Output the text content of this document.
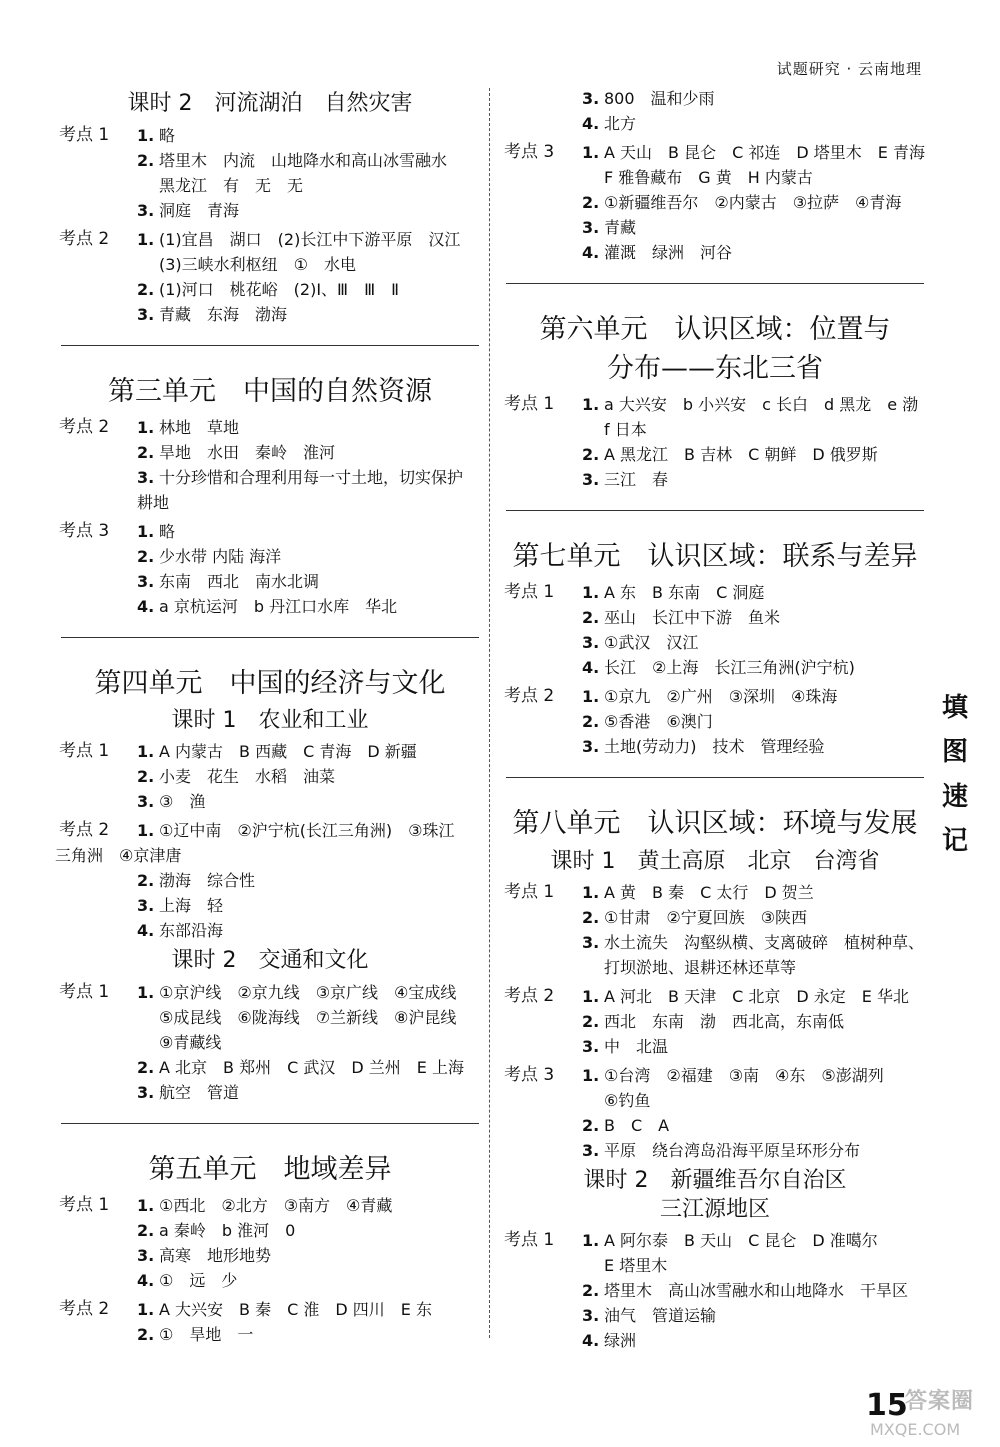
试题研究 · 云南地理
课时 2　河流湖泊　自然灾害
考点 1 1. 略
2. 塔里木　内流　山地降水和高山冰雪融水
黑龙江　有　无　无
3. 洞庭　青海
考点 2 1. (1)宜昌　湖口　(2)长江中下游平原　汉江
(3)三峡水利枢纽　①　水电
2. (1)河口　桃花峪　(2)Ⅰ、Ⅲ　Ⅲ　Ⅱ
3. 青藏　东海　渤海
第三单元　中国的自然资源
考点 2 1. 林地　草地
2. 旱地　水田　秦岭　淮河
3. 十分珍惜和合理利用每一寸土地，切实保护
耕地
考点 3 1. 略
2. 少水带 内陆 海洋
3. 东南　西北　南水北调
4. a 京杭运河　b 丹江口水库　华北
第四单元　中国的经济与文化
课时 1　农业和工业
考点 1 1. A 内蒙古　B 西藏　C 青海　D 新疆
2. 小麦　花生　水稻　油菜
3. ③　渔
考点 2 1. ①辽中南　②沪宁杭(长江三角洲)　③珠江
三角洲　④京津唐
2. 渤海　综合性
3. 上海　轻
4. 东部沿海
课时 2　交通和文化
考点 1 1. ①京沪线　②京九线　③京广线　④宝成线
⑤成昆线　⑥陇海线　⑦兰新线　⑧沪昆线
⑨青藏线
2. A 北京　B 郑州　C 武汉　D 兰州　E 上海
3. 航空　管道
第五单元　地域差异
考点 1 1. ①西北　②北方　③南方　④青藏
2. a 秦岭　b 淮河　0
3. 高寒　地形地势
4. ①　远　少
考点 2 1. A 大兴安　B 秦　C 淮　D 四川　E 东
2. ①　旱地　一
3. 800　温和少雨
4. 北方
考点 3 1. A 天山　B 昆仑　C 祁连　D 塔里木　E 青海
F 雅鲁藏布　G 黄　H 内蒙古
2. ①新疆维吾尔　②内蒙古　③拉萨　④青海
3. 青藏
4. 灌溉　绿洲　河谷
第六单元　认识区域：位置与
分布——东北三省
考点 1 1. a 大兴安　b 小兴安　c 长白　d 黑龙　e 渤
f 日本
2. A 黑龙江　B 吉林　C 朝鲜　D 俄罗斯
3. 三江　春
第七单元　认识区域：联系与差异
考点 1 1. A 东　B 东南　C 洞庭
2. 巫山　长江中下游　鱼米
3. ①武汉　汉江
4. 长江　②上海　长江三角洲(沪宁杭)
考点 2 1. ①京九　②广州　③深圳　④珠海
2. ⑤香港　⑥澳门
3. 土地(劳动力)　技术　管理经验
第八单元　认识区域：环境与发展
课时 1　黄土高原　北京　台湾省
考点 1 1. A 黄　B 秦　C 太行　D 贺兰
2. ①甘肃　②宁夏回族　③陕西
3. 水土流失　沟壑纵横、支离破碎　植树种草、
打坝淤地、退耕还林还草等
考点 2 1. A 河北　B 天津　C 北京　D 永定　E 华北
2. 西北　东南　渤　西北高，东南低
3. 中　北温
考点 3 1. ①台湾　②福建　③南　④东　⑤澎湖列
⑥钓鱼
2. B　C　A
3. 平原　绕台湾岛沿海平原呈环形分布
课时 2　新疆维吾尔自治区
三江源地区
考点 1 1. A 阿尔泰　B 天山　C 昆仑　D 准噶尔
E 塔里木
2. 塔里木　高山冰雪融水和山地降水　干旱区
3. 油气　管道运输
4. 绿洲
填
图
速
记
15
答案圈
MXQE.COM
